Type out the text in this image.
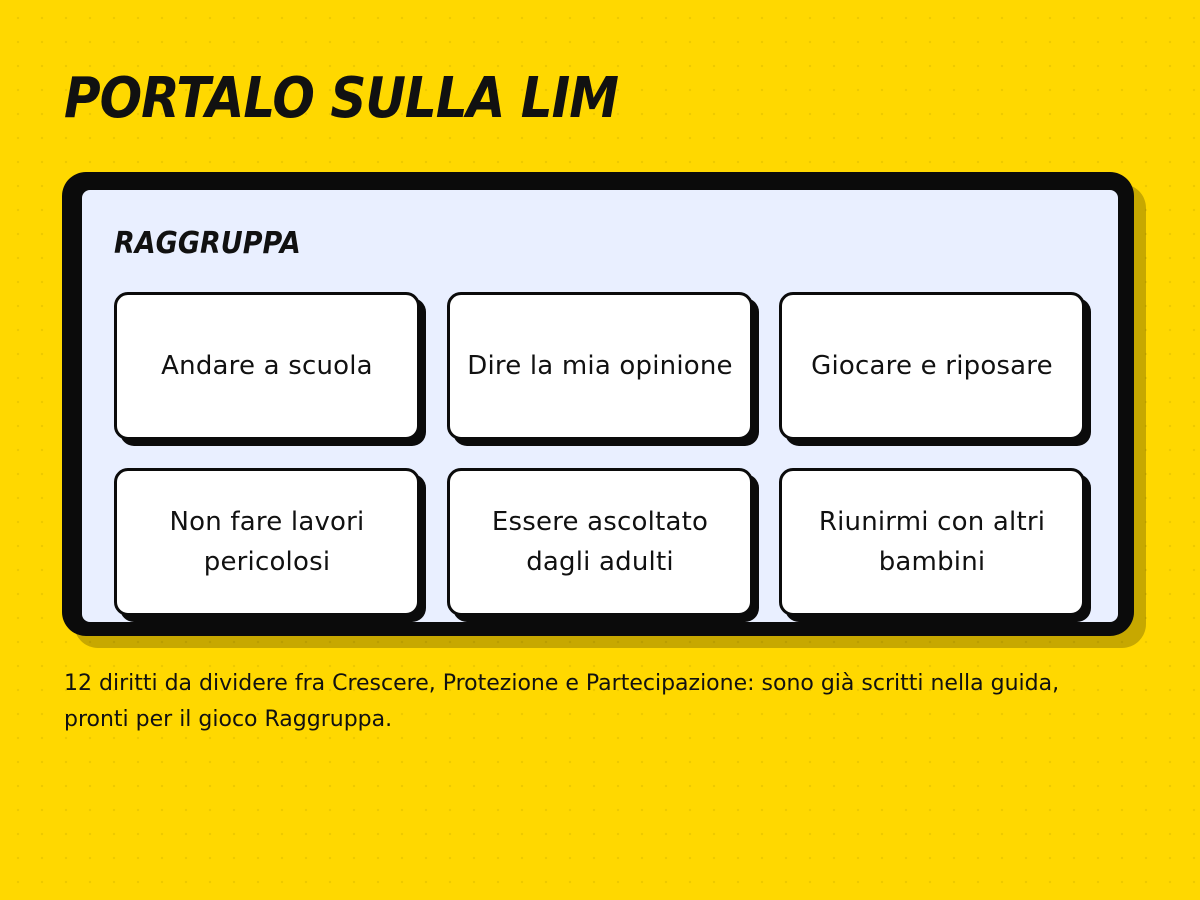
PORTALO SULLA LIM
RAGGRUPPA
Andare a scuola	Dire la mia opinione	Giocare e riposare
Non fare lavori pericolosi
Essere ascoltato dagli adulti
Riunirmi con altri bambini

12 diritti da dividere fra Crescere, Protezione e Partecipazione: sono già scritti nella guida, pronti per il gioco Raggruppa.
